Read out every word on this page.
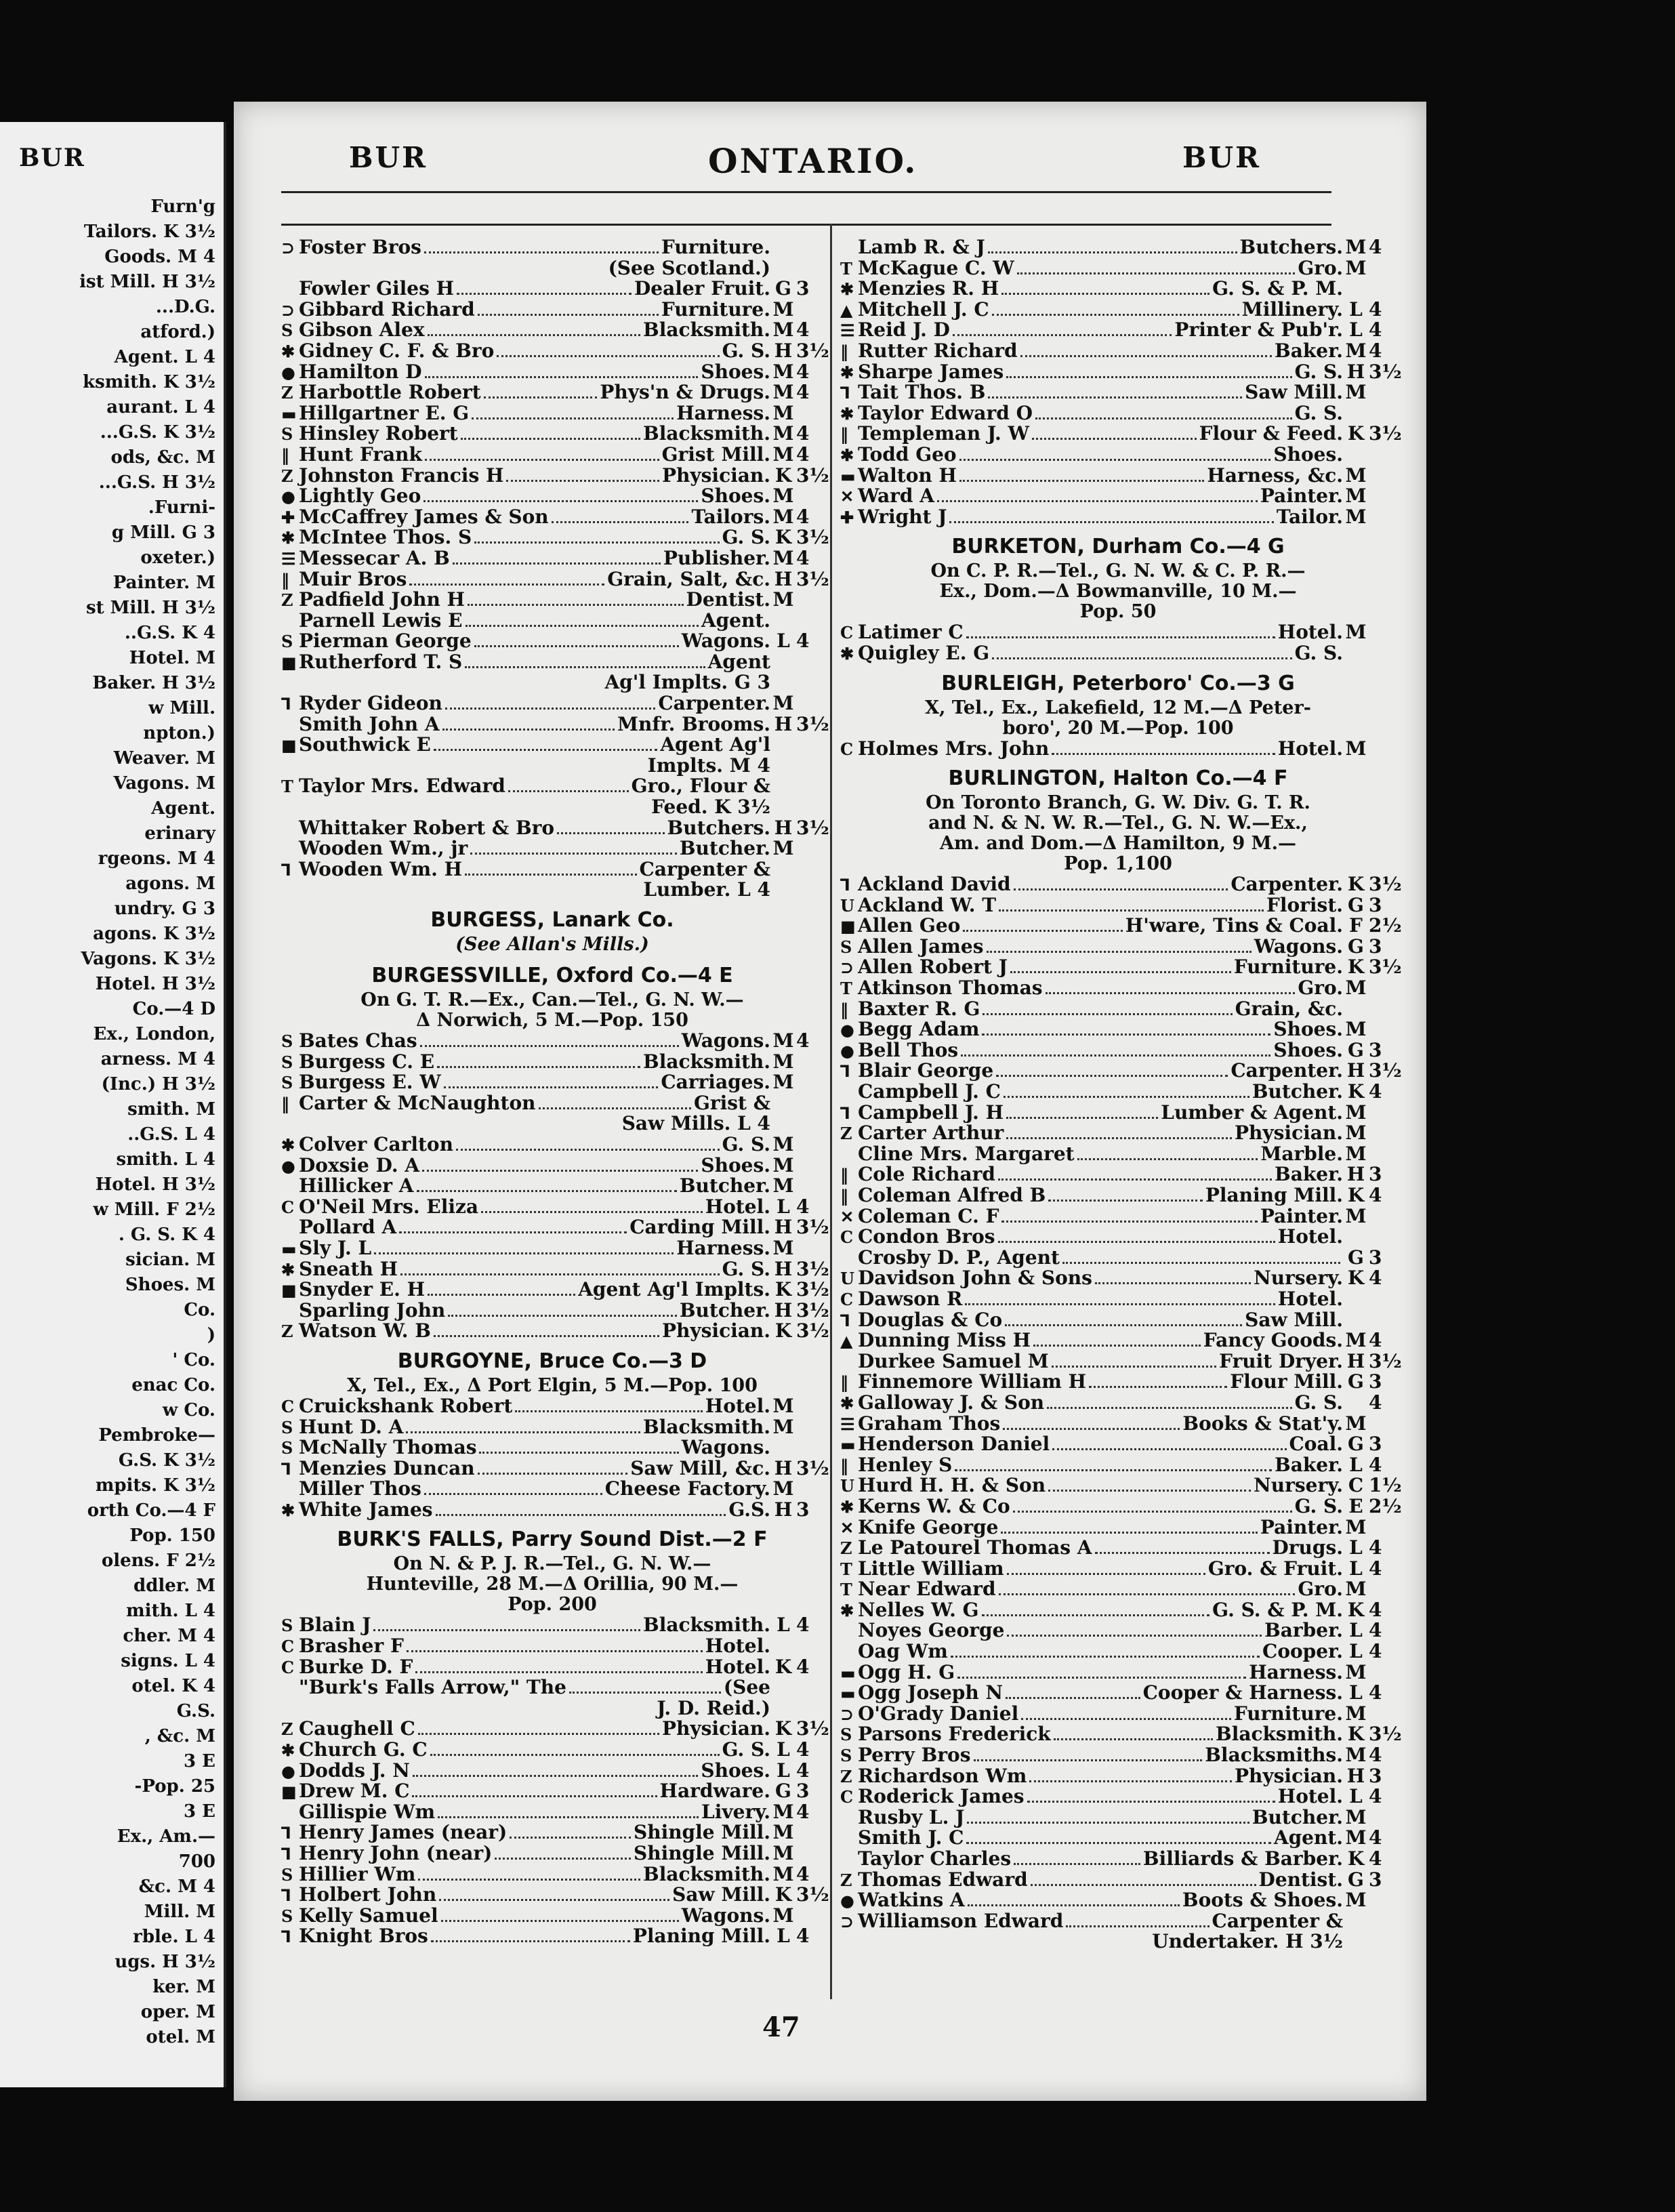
BUR
Furn'g
Tailors. K 3½
Goods. M 4
ist Mill. H 3½
...D.G.
atford.)
Agent. L 4
ksmith. K 3½
aurant. L 4
...G.S. K 3½
ods, &c. M
...G.S. H 3½
.Furni-
g Mill. G 3
oxeter.)
Painter. M
st Mill. H 3½
..G.S. K 4
Hotel. M
Baker. H 3½
w Mill.
npton.)
Weaver. M
Vagons. M
Agent.
erinary
rgeons. M 4
agons. M
undry. G 3
agons. K 3½
Vagons. K 3½
Hotel. H 3½
Co.—4 D
Ex., London,
arness. M 4
(Inc.) H 3½
smith. M
..G.S. L 4
smith. L 4
Hotel. H 3½
w Mill. F 2½
. G. S. K 4
sician. M
Shoes. M
Co.
)
' Co.
enac Co.
w Co.
Pembroke—
G.S. K 3½
mpits. K 3½
orth Co.—4 F
Pop. 150
olens. F 2½
ddler. M
mith. L 4
cher. M 4
signs. L 4
otel. K 4
G.S.
, &c. M
3 E
-Pop. 25
3 E
Ex., Am.—
700
&c. M 4
Mill. M
rble. L 4
ugs. H 3½
ker. M
oper. M
otel. M
BUR	ONTARIO.	BUR
⊃ Foster Bros	Furniture.
(See Scotland.)
Fowler Giles H	Dealer Fruit. G 3
⊃ Gibbard Richard	Furniture. M
S Gibson Alex	Blacksmith. M 4
✱ Gidney C. F. & Bro	G. S. H 3½
● Hamilton D	Shoes. M 4
Z Harbottle Robert	Phys'n & Drugs. M 4
▬ Hillgartner E. G	Harness. M
S Hinsley Robert	Blacksmith. M 4
‖ Hunt Frank	Grist Mill. M 4
Z Johnston Francis H	Physician. K 3½
● Lightly Geo	Shoes. M
✚ McCaffrey James & Son	Tailors. M 4
✱ McIntee Thos. S	G. S. K 3½
☰ Messecar A. B	Publisher. M 4
‖ Muir Bros	Grain, Salt, &c. H 3½
Z Padfield John H	Dentist. M
Parnell Lewis E	Agent.
S Pierman George	Wagons. L 4
■ Rutherford T. S	Agent
Ag'l Implts. G 3
⅂ Ryder Gideon	Carpenter. M
Smith John A	Mnfr. Brooms. H 3½
■ Southwick E	Agent Ag'l
Implts. M 4
T Taylor Mrs. Edward	Gro., Flour &
Feed. K 3½
Whittaker Robert & Bro	Butchers. H 3½
Wooden Wm., jr	Butcher. M
⅂ Wooden Wm. H	Carpenter &
Lumber. L 4
BURGESS, Lanark Co.
(See Allan's Mills.)
BURGESSVILLE, Oxford Co.—4 E
On G. T. R.—Ex., Can.—Tel., G. N. W.—
Δ Norwich, 5 M.—Pop. 150
S Bates Chas	Wagons. M 4
S Burgess C. E	Blacksmith. M
S Burgess E. W	Carriages. M
‖ Carter & McNaughton	Grist &
Saw Mills. L 4
✱ Colver Carlton	G. S. M
● Doxsie D. A	Shoes. M
Hillicker A	Butcher. M
C O'Neil Mrs. Eliza	Hotel. L 4
Pollard A	Carding Mill. H 3½
▬ Sly J. L	Harness. M
✱ Sneath H	G. S. H 3½
■ Snyder E. H	Agent Ag'l Implts. K 3½
Sparling John	Butcher. H 3½
Z Watson W. B	Physician. K 3½
BURGOYNE, Bruce Co.—3 D
X, Tel., Ex., Δ Port Elgin, 5 M.—Pop. 100
C Cruickshank Robert	Hotel. M
S Hunt D. A	Blacksmith. M
S McNally Thomas	Wagons.
⅂ Menzies Duncan	Saw Mill, &c. H 3½
Miller Thos	Cheese Factory. M
✱ White James	G.S. H 3
BURK'S FALLS, Parry Sound Dist.—2 F
On N. & P. J. R.—Tel., G. N. W.—
Hunteville, 28 M.—Δ Orillia, 90 M.—
Pop. 200
S Blain J	Blacksmith. L 4
C Brasher F	Hotel.
C Burke D. F	Hotel. K 4
"Burk's Falls Arrow," The	(See
J. D. Reid.)
Z Caughell C	Physician. K 3½
✱ Church G. C	G. S. L 4
● Dodds J. N	Shoes. L 4
■ Drew M. C	Hardware. G 3
Gillispie Wm	Livery. M 4
⅂ Henry James (near)	Shingle Mill. M
⅂ Henry John (near)	Shingle Mill. M
S Hillier Wm	Blacksmith. M 4
⅂ Holbert John	Saw Mill. K 3½
S Kelly Samuel	Wagons. M
⅂ Knight Bros	Planing Mill. L 4
Lamb R. & J	Butchers. M 4
T McKague C. W	Gro. M
✱ Menzies R. H	G. S. & P. M.
▲ Mitchell J. C	Millinery. L 4
☰ Reid J. D	Printer & Pub'r. L 4
‖ Rutter Richard	Baker. M 4
✱ Sharpe James	G. S. H 3½
⅂ Tait Thos. B	Saw Mill. M
✱ Taylor Edward O	G. S.
‖ Templeman J. W	Flour & Feed. K 3½
✱ Todd Geo	Shoes.
▬ Walton H	Harness, &c. M
✕ Ward A	Painter. M
✚ Wright J	Tailor. M
BURKETON, Durham Co.—4 G
On C. P. R.—Tel., G. N. W. & C. P. R.—
Ex., Dom.—Δ Bowmanville, 10 M.—
Pop. 50
C Latimer C	Hotel. M
✱ Quigley E. G	G. S.
BURLEIGH, Peterboro' Co.—3 G
X, Tel., Ex., Lakefield, 12 M.—Δ Peter-
boro', 20 M.—Pop. 100
C Holmes Mrs. John	Hotel. M
BURLINGTON, Halton Co.—4 F
On Toronto Branch, G. W. Div. G. T. R.
and N. & N. W. R.—Tel., G. N. W.—Ex.,
Am. and Dom.—Δ Hamilton, 9 M.—
Pop. 1,100
⅂ Ackland David	Carpenter. K 3½
U Ackland W. T	Florist. G 3
■ Allen Geo	H'ware, Tins & Coal. F 2½
S Allen James	Wagons. G 3
⊃ Allen Robert J	Furniture. K 3½
T Atkinson Thomas	Gro. M
‖ Baxter R. G	Grain, &c.
● Begg Adam	Shoes. M
● Bell Thos	Shoes. G 3
⅂ Blair George	Carpenter. H 3½
Campbell J. C	Butcher. K 4
⅂ Campbell J. H	Lumber & Agent. M
Z Carter Arthur	Physician. M
Cline Mrs. Margaret	Marble. M
‖ Cole Richard	Baker. H 3
‖ Coleman Alfred B	Planing Mill. K 4
✕ Coleman C. F	Painter. M
C Condon Bros	Hotel.
Crosby D. P., Agent	G 3
U Davidson John & Sons	Nursery. K 4
C Dawson R	Hotel.
⅂ Douglas & Co	Saw Mill.
▲ Dunning Miss H	Fancy Goods. M 4
Durkee Samuel M	Fruit Dryer. H 3½
‖ Finnemore William H	Flour Mill. G 3
✱ Galloway J. & Son	G. S. 4
☰ Graham Thos	Books & Stat'y. M
▬ Henderson Daniel	Coal. G 3
‖ Henley S	Baker. L 4
U Hurd H. H. & Son	Nursery. C 1½
✱ Kerns W. & Co	G. S. E 2½
✕ Knife George	Painter. M
Z Le Patourel Thomas A	Drugs. L 4
T Little William	Gro. & Fruit. L 4
T Near Edward	Gro. M
✱ Nelles W. G	G. S. & P. M. K 4
Noyes George	Barber. L 4
Oag Wm	Cooper. L 4
▬ Ogg H. G	Harness. M
▬ Ogg Joseph N	Cooper & Harness. L 4
⊃ O'Grady Daniel	Furniture. M
S Parsons Frederick	Blacksmith. K 3½
S Perry Bros	Blacksmiths. M 4
Z Richardson Wm	Physician. H 3
C Roderick James	Hotel. L 4
Rusby L. J	Butcher. M
Smith J. C	Agent. M 4
Taylor Charles	Billiards & Barber. K 4
Z Thomas Edward	Dentist. G 3
● Watkins A	Boots & Shoes. M
⊃ Williamson Edward	Carpenter &
Undertaker. H 3½
47
